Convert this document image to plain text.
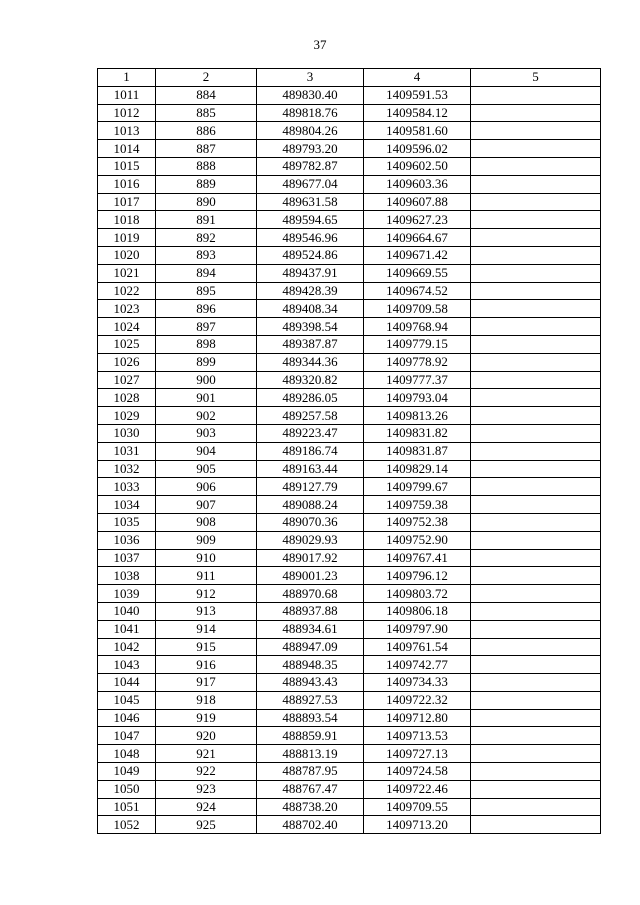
37
1	2	3	4	5
1011	884	489830.40	1409591.53	
1012	885	489818.76	1409584.12	
1013	886	489804.26	1409581.60	
1014	887	489793.20	1409596.02	
1015	888	489782.87	1409602.50	
1016	889	489677.04	1409603.36	
1017	890	489631.58	1409607.88	
1018	891	489594.65	1409627.23	
1019	892	489546.96	1409664.67	
1020	893	489524.86	1409671.42	
1021	894	489437.91	1409669.55	
1022	895	489428.39	1409674.52	
1023	896	489408.34	1409709.58	
1024	897	489398.54	1409768.94	
1025	898	489387.87	1409779.15	
1026	899	489344.36	1409778.92	
1027	900	489320.82	1409777.37	
1028	901	489286.05	1409793.04	
1029	902	489257.58	1409813.26	
1030	903	489223.47	1409831.82	
1031	904	489186.74	1409831.87	
1032	905	489163.44	1409829.14	
1033	906	489127.79	1409799.67	
1034	907	489088.24	1409759.38	
1035	908	489070.36	1409752.38	
1036	909	489029.93	1409752.90	
1037	910	489017.92	1409767.41	
1038	911	489001.23	1409796.12	
1039	912	488970.68	1409803.72	
1040	913	488937.88	1409806.18	
1041	914	488934.61	1409797.90	
1042	915	488947.09	1409761.54	
1043	916	488948.35	1409742.77	
1044	917	488943.43	1409734.33	
1045	918	488927.53	1409722.32	
1046	919	488893.54	1409712.80	
1047	920	488859.91	1409713.53	
1048	921	488813.19	1409727.13	
1049	922	488787.95	1409724.58	
1050	923	488767.47	1409722.46	
1051	924	488738.20	1409709.55	
1052	925	488702.40	1409713.20	
